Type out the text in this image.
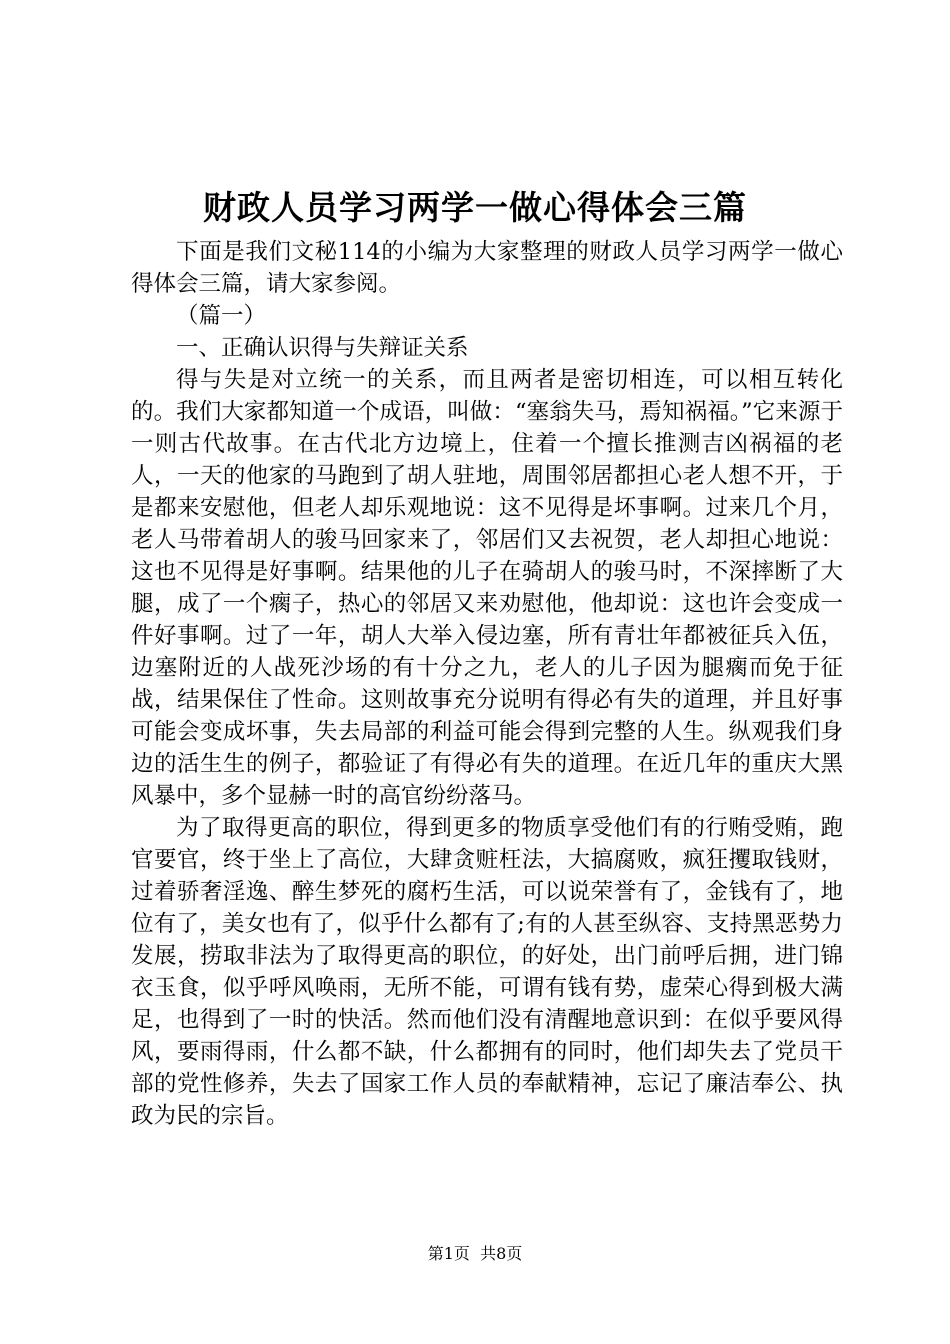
财政人员学习两学一做心得体会三篇

下面是我们文秘114的小编为大家整理的财政人员学习两学一做心得体会三篇，请大家参阅。

（篇一）

一、正确认识得与失辩证关系

得与失是对立统一的关系，而且两者是密切相连，可以相互转化的。我们大家都知道一个成语，叫做：“塞翁失马，焉知祸福。”它来源于一则古代故事。在古代北方边境上，住着一个擅长推测吉凶祸福的老人，一天的他家的马跑到了胡人驻地，周围邻居都担心老人想不开，于是都来安慰他，但老人却乐观地说：这不见得是坏事啊。过来几个月，老人马带着胡人的骏马回家来了，邻居们又去祝贺，老人却担心地说：这也不见得是好事啊。结果他的儿子在骑胡人的骏马时，不深摔断了大腿，成了一个瘸子，热心的邻居又来劝慰他，他却说：这也许会变成一件好事啊。过了一年，胡人大举入侵边塞，所有青壮年都被征兵入伍，边塞附近的人战死沙场的有十分之九，老人的儿子因为腿瘸而免于征战，结果保住了性命。这则故事充分说明有得必有失的道理，并且好事可能会变成坏事，失去局部的利益可能会得到完整的人生。纵观我们身边的活生生的例子，都验证了有得必有失的道理。在近几年的重庆大黑风暴中，多个显赫一时的高官纷纷落马。

为了取得更高的职位，得到更多的物质享受他们有的行贿受贿，跑官要官，终于坐上了高位，大肆贪赃枉法，大搞腐败，疯狂攫取钱财，过着骄奢淫逸、醉生梦死的腐朽生活，可以说荣誉有了，金钱有了，地位有了，美女也有了，似乎什么都有了;有的人甚至纵容、支持黑恶势力发展，捞取非法为了取得更高的职位，的好处，出门前呼后拥，进门锦衣玉食，似乎呼风唤雨，无所不能，可谓有钱有势，虚荣心得到极大满足，也得到了一时的快活。然而他们没有清醒地意识到：在似乎要风得风，要雨得雨，什么都不缺，什么都拥有的同时，他们却失去了党员干部的党性修养，失去了国家工作人员的奉献精神，忘记了廉洁奉公、执政为民的宗旨。

第1页 共8页
